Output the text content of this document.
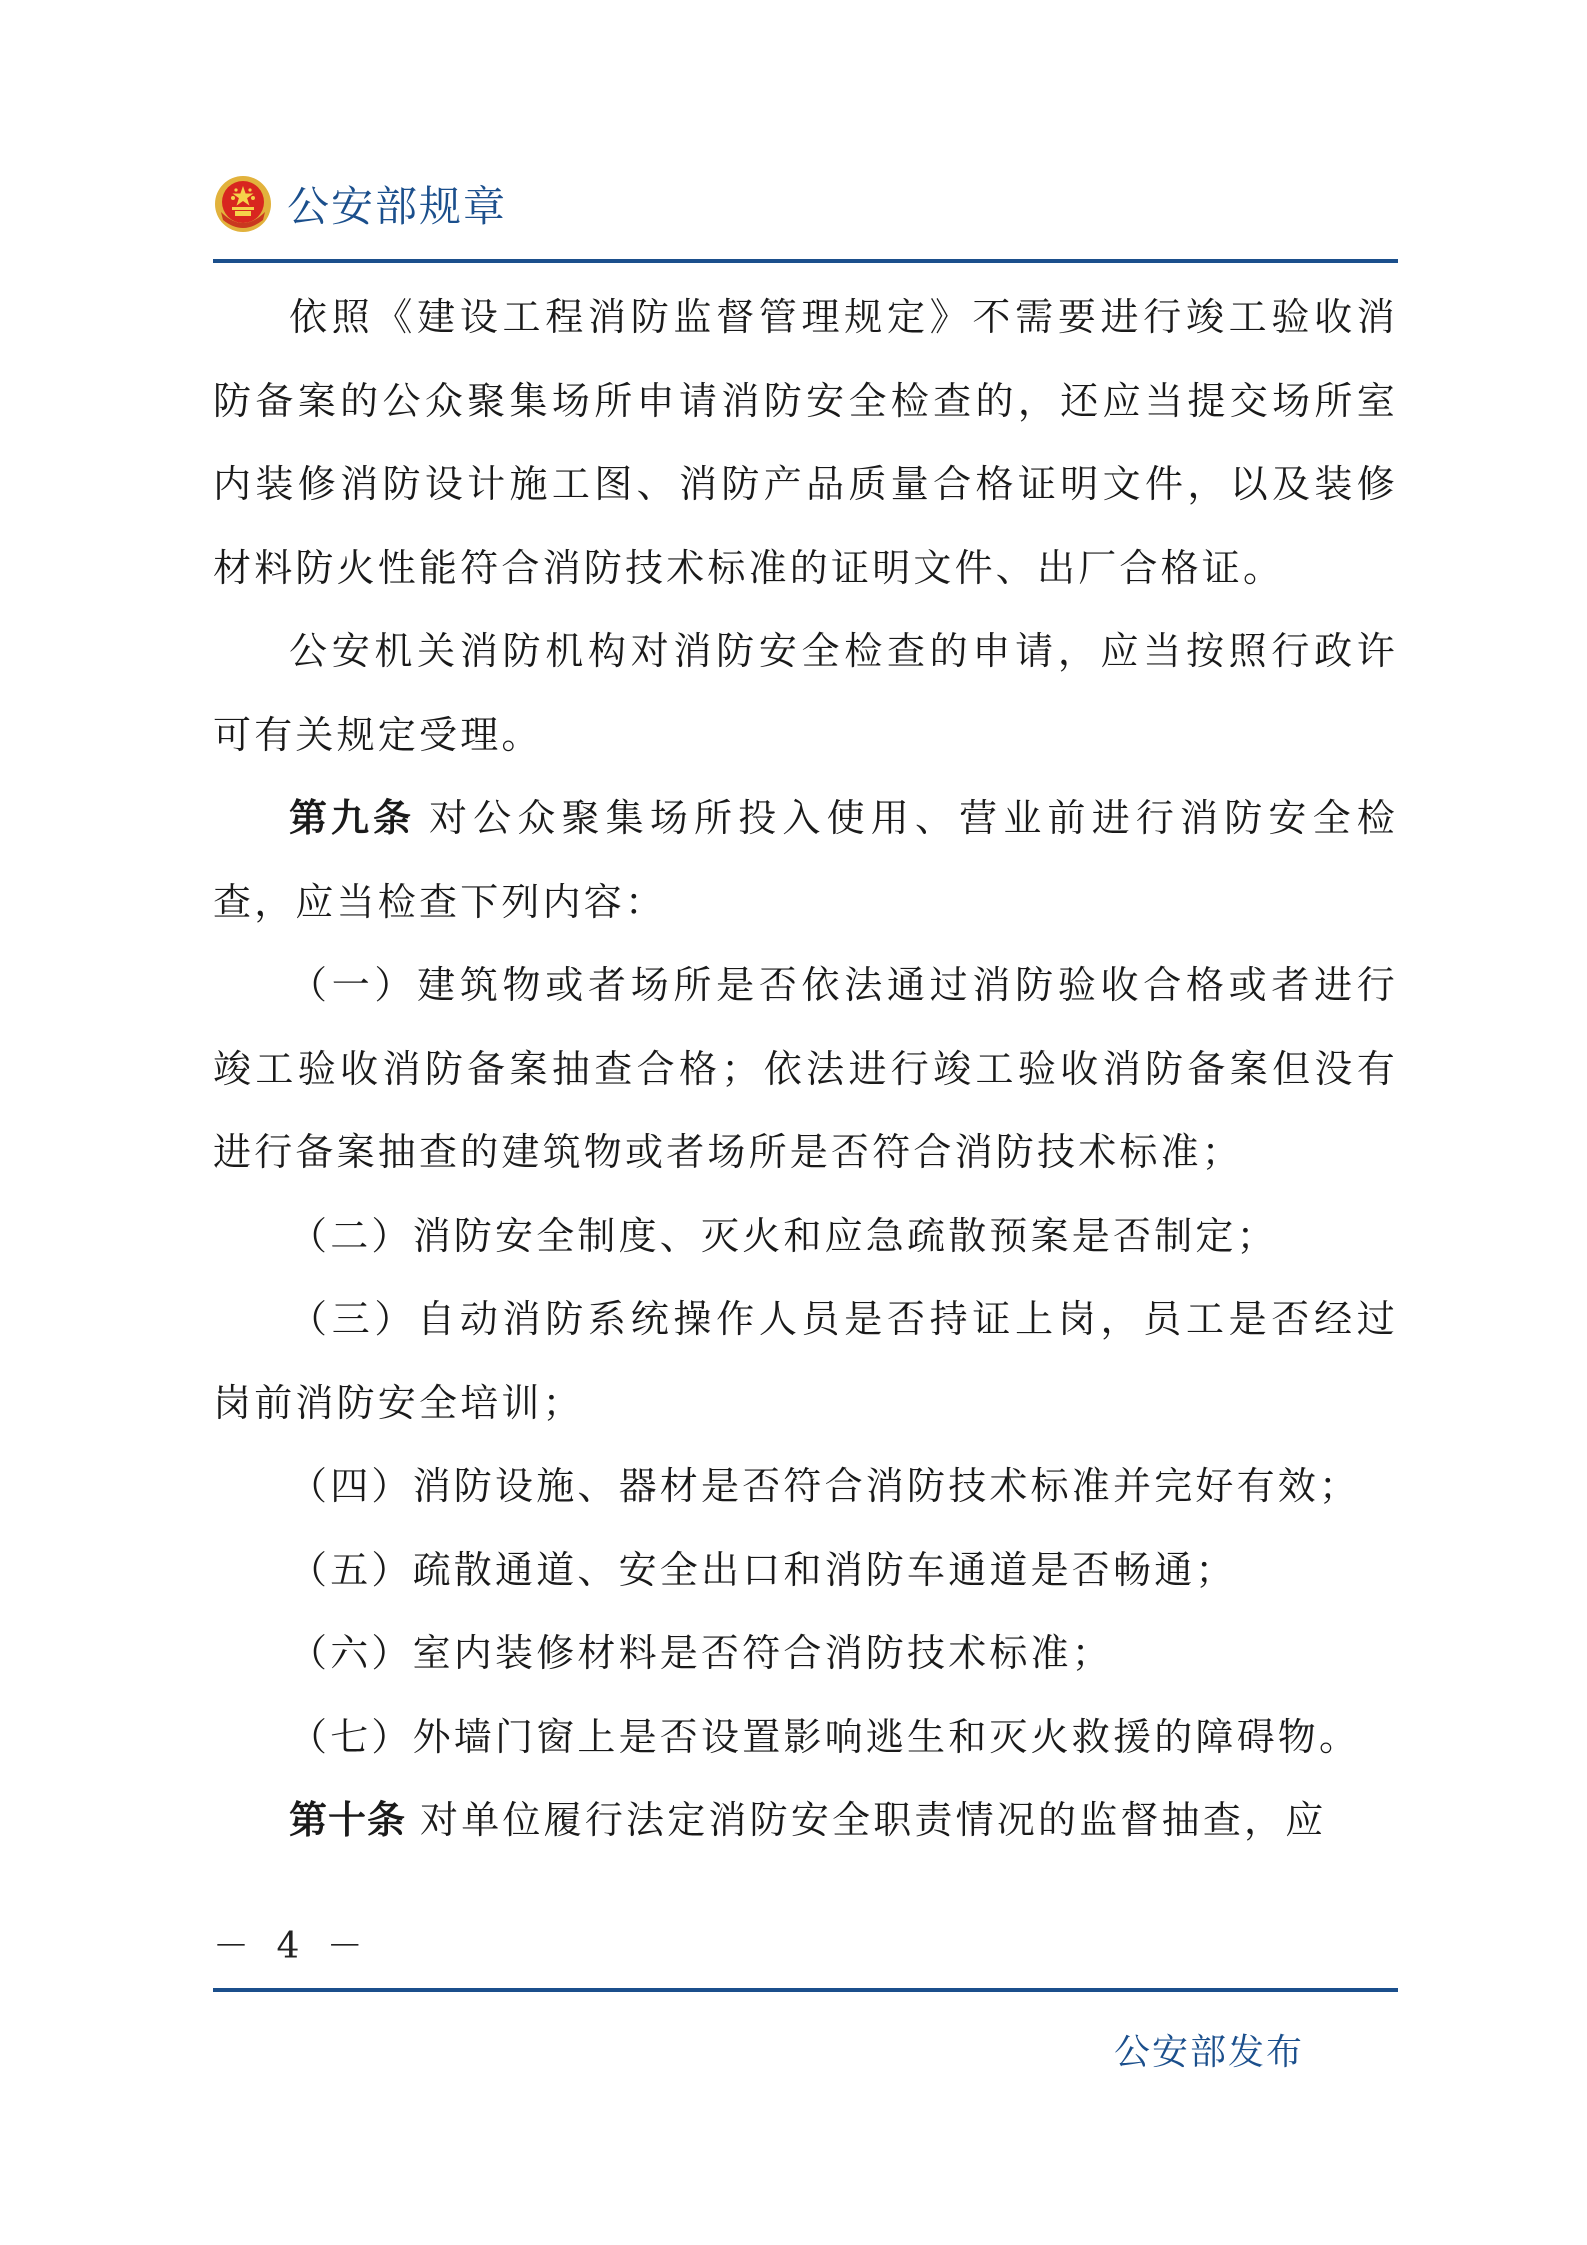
公安部规章

依照《建设工程消防监督管理规定》不需要进行竣工验收消防备案的公众聚集场所申请消防安全检查的，还应当提交场所室内装修消防设计施工图、消防产品质量合格证明文件，以及装修材料防火性能符合消防技术标准的证明文件、出厂合格证。

公安机关消防机构对消防安全检查的申请，应当按照行政许可有关规定受理。

第九条 对公众聚集场所投入使用、营业前进行消防安全检查，应当检查下列内容：

（一）建筑物或者场所是否依法通过消防验收合格或者进行竣工验收消防备案抽查合格；依法进行竣工验收消防备案但没有进行备案抽查的建筑物或者场所是否符合消防技术标准；

（二）消防安全制度、灭火和应急疏散预案是否制定；

（三）自动消防系统操作人员是否持证上岗，员工是否经过岗前消防安全培训；

（四）消防设施、器材是否符合消防技术标准并完好有效；

（五）疏散通道、安全出口和消防车通道是否畅通；

（六）室内装修材料是否符合消防技术标准；

（七）外墙门窗上是否设置影响逃生和灭火救援的障碍物。

第十条 对单位履行法定消防安全职责情况的监督抽查，应

－ 4 －
公安部发布
